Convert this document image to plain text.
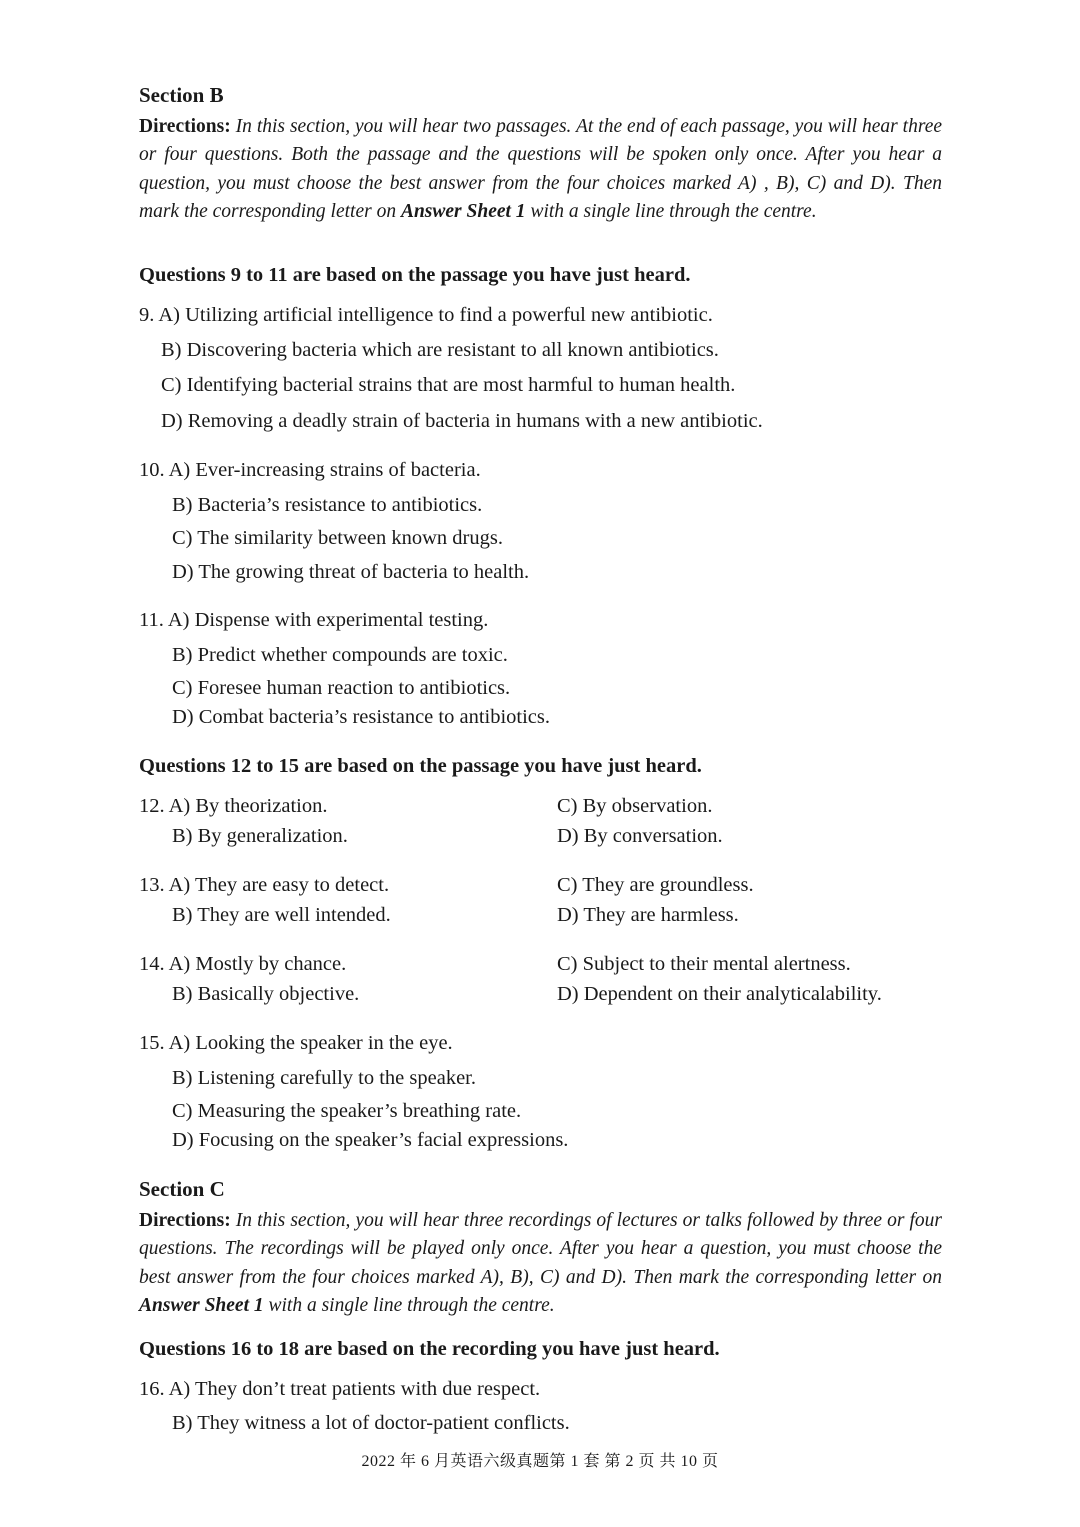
Section B
Directions: In this section, you will hear two passages. At the end of each passage, you will hear three or four questions. Both the passage and the questions will be spoken only once. After you hear a question, you must choose the best answer from the four choices marked A) , B), C) and D). Then mark the corresponding letter on Answer Sheet 1 with a single line through the centre.
Questions 9 to 11 are based on the passage you have just heard.
9. A) Utilizing artificial intelligence to find a powerful new antibiotic.
B) Discovering bacteria which are resistant to all known antibiotics.
C) Identifying bacterial strains that are most harmful to human health.
D) Removing a deadly strain of bacteria in humans with a new antibiotic.
10. A) Ever-increasing strains of bacteria.
B) Bacteria’s resistance to antibiotics.
C) The similarity between known drugs.
D) The growing threat of bacteria to health.
11. A) Dispense with experimental testing.
B) Predict whether compounds are toxic.
C) Foresee human reaction to antibiotics.
D) Combat bacteria’s resistance to antibiotics.
Questions 12 to 15 are based on the passage you have just heard.
12. A) By theorization.	C) By observation.
B) By generalization.	D) By conversation.
13. A) They are easy to detect.	C) They are groundless.
B) They are well intended.	D) They are harmless.
14. A) Mostly by chance.	C) Subject to their mental alertness.
B) Basically objective.	D) Dependent on their analyticalability.
15. A) Looking the speaker in the eye.
B) Listening carefully to the speaker.
C) Measuring the speaker’s breathing rate.
D) Focusing on the speaker’s facial expressions.
Section C
Directions: In this section, you will hear three recordings of lectures or talks followed by three or four questions. The recordings will be played only once. After you hear a question, you must choose the best answer from the four choices marked A), B), C) and D). Then mark the corresponding letter on Answer Sheet 1 with a single line through the centre.
Questions 16 to 18 are based on the recording you have just heard.
16. A) They don’t treat patients with due respect.
B) They witness a lot of doctor-patient conflicts.
2022 年 6 月英语六级真题第 1 套 第 2 页 共 10 页
